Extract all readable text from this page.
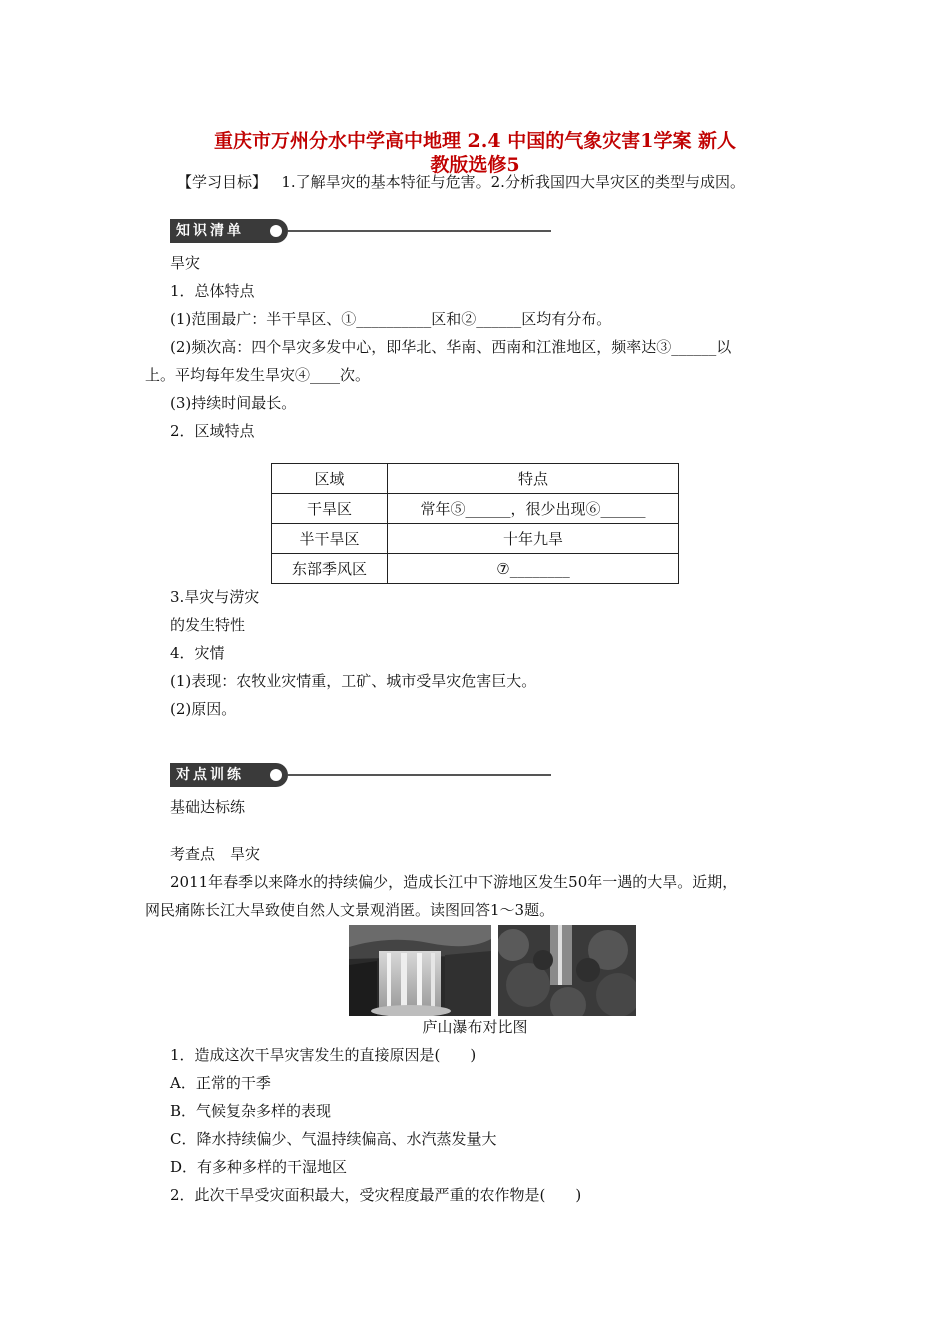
重庆市万州分水中学高中地理 2.4 中国的气象灾害1学案 新人
教版选修5
【学习目标】 1.了解旱灾的基本特征与危害。2.分析我国四大旱灾区的类型与成因。
知识清单
旱灾
1．总体特点
(1)范围最广：半干旱区、①__________区和②______区均有分布。
(2)频次高：四个旱灾多发中心，即华北、华南、西南和江淮地区，频率达③______以
上。平均每年发生旱灾④____次。
(3)持续时间最长。
2．区域特点
区域	特点
干旱区	常年⑤______，很少出现⑥______
半干旱区	十年九旱
东部季风区	⑦________
3.旱灾与涝灾
的发生特性
4．灾情
(1)表现：农牧业灾情重，工矿、城市受旱灾危害巨大。
(2)原因。
对点训练
基础达标练
考查点　旱灾
2011年春季以来降水的持续偏少，造成长江中下游地区发生50年一遇的大旱。近期，
网民痛陈长江大旱致使自然人文景观消匿。读图回答1～3题。
庐山瀑布对比图
1．造成这次干旱灾害发生的直接原因是(　　)
A．正常的干季
B．气候复杂多样的表现
C．降水持续偏少、气温持续偏高、水汽蒸发量大
D．有多种多样的干湿地区
2．此次干旱受灾面积最大，受灾程度最严重的农作物是(　　)
